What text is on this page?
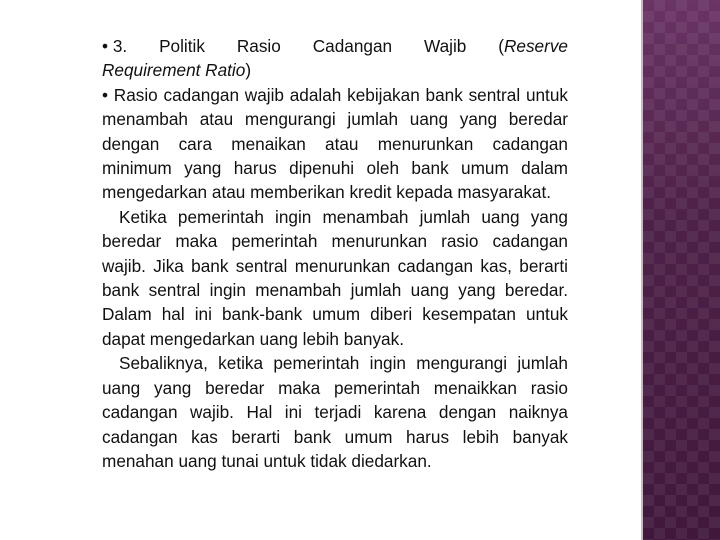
• 3. Politik Rasio Cadangan Wajib (Reserve

Requirement Ratio)

• Rasio cadangan wajib adalah kebijakan bank sentral untuk menambah atau mengurangi jumlah uang yang beredar dengan cara menaikan atau menurunkan cadangan minimum yang harus dipenuhi oleh bank umum dalam mengedarkan atau memberikan kredit kepada masyarakat.

Ketika pemerintah ingin menambah jumlah uang yang beredar maka pemerintah menurunkan rasio cadangan wajib. Jika bank sentral menurunkan cadangan kas, berarti bank sentral ingin menambah jumlah uang yang beredar. Dalam hal ini bank-bank umum diberi kesempatan untuk dapat mengedarkan uang lebih banyak.

Sebaliknya, ketika pemerintah ingin mengurangi jumlah uang yang beredar maka pemerintah menaikkan rasio cadangan wajib. Hal ini terjadi karena dengan naiknya cadangan kas berarti bank umum harus lebih banyak menahan uang tunai untuk tidak diedarkan.
